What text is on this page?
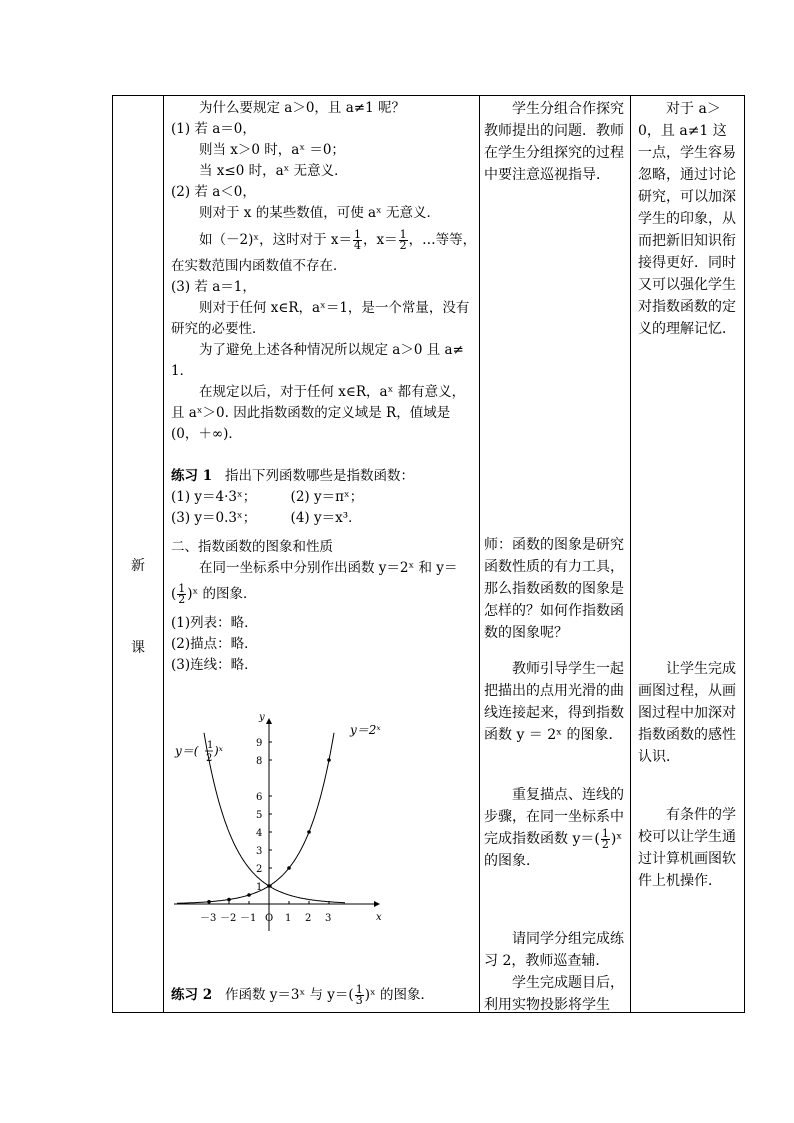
新
课

为什么要规定 a＞0，且 a≠1 呢？

(1) 若 a＝0，

则当 x＞0 时，aˣ ＝0；

当 x≤0 时，aˣ 无意义．

(2) 若 a＜0，

则对于 x 的某些数值，可使 aˣ 无意义．

如（－2)ˣ，这时对于 $x= \frac{1}{4}$ ，$x= \frac{1}{2}$ ，…等等，

在实数范围内函数值不存在．

(3) 若 a＝1，

则对于任何 x∈R，aˣ＝1，是一个常量，没有

研究的必要性．

为了避免上述各种情况所以规定 a＞0 且 a≠

1．

在规定以后，对于任何 x∈R，aˣ 都有意义，

且 aˣ＞0. 因此指数函数的定义域是 R，值域是

(0，＋∞)．

练习 1 指出下列函数哪些是指数函数：

(1) y＝4·3ˣ；        (2) y＝πˣ；

(3) y＝0.3ˣ；        (4) y＝x³．

二、指数函数的图象和性质

在同一坐标系中分别作出函数 y＝2ˣ 和 y＝

( $\frac{1}{2}$ )ˣ 的图象．

(1)列表：略．

(2)描点：略．

(3)连线：略．

x
y
－3 －2 －1 O 1 2 3
1
2
3
4
5
6
8
9
y＝2ˣ
y＝( 1
2
)ˣ

练习 2 作函数 y＝3ˣ 与 $y=( \frac{1}{3}$ )ˣ 的图象．

学生分组合作探究教师提出的问题．教师在学生分组探究的过程中要注意巡视指导．
师：函数的图象是研究函数性质的有力工具，那么指数函数的图象是怎样的？如何作指数函数的图象呢？
教师引导学生一起把描出的点用光滑的曲线连接起来，得到指数函数 y ＝ 2ˣ 的图象．
重复描点、连线的步骤，在同一坐标系中完成指数函数 $y=( \frac{1}{2}$ )ˣ 的图象．
请同学分组完成练习 2，教师巡查辅．
学生完成题目后，利用实物投影将学生
对于 a＞0，且 a≠1 这一点，学生容易忽略，通过讨论研究，可以加深学生的印象，从而把新旧知识衔接得更好．同时又可以强化学生对指数函数的定义的理解记忆．
让学生完成画图过程，从画图过程中加深对指数函数的感性认识．
有条件的学校可以让学生通过计算机画图软件上机操作．
